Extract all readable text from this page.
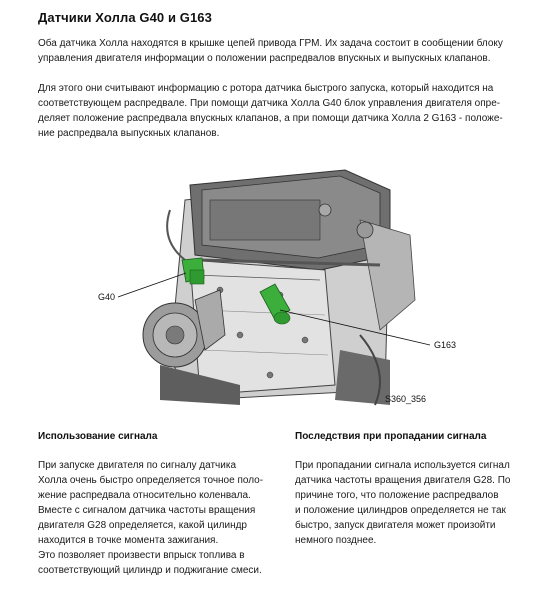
Датчики Холла G40 и G163
Оба датчика Холла находятся в крышке цепей привода ГРМ. Их задача состоит в сообщении блоку
управления двигателя информации о положении распредвалов впускных и выпускных клапанов.
Для этого они считывают информацию с ротора датчика быстрого запуска, который находится на
соответствующем распредвале. При помощи датчика Холла G40 блок управления двигателя опре-
деляет положение распредвала впускных клапанов, а при помощи датчика Холла 2 G163 - положе-
ние распредвала выпускных клапанов.
G40
G163
S360_356
Использование сигнала	Последствия при пропадании сигнала
При запуске двигателя по сигналу датчика
Холла очень быстро определяется точное поло-
жение распредвала относительно коленвала.
Вместе с сигналом датчика частоты вращения
двигателя G28 определяется, какой цилиндр
находится в точке момента зажигания.
Это позволяет произвести впрыск топлива в
соответствующий цилиндр и поджигание смеси.
При пропадании сигнала используется сигнал
датчика частоты вращения двигателя G28. По
причине того, что положение распредвалов
и положение цилиндров определяется не так
быстро, запуск двигателя может произойти
немного позднее.
